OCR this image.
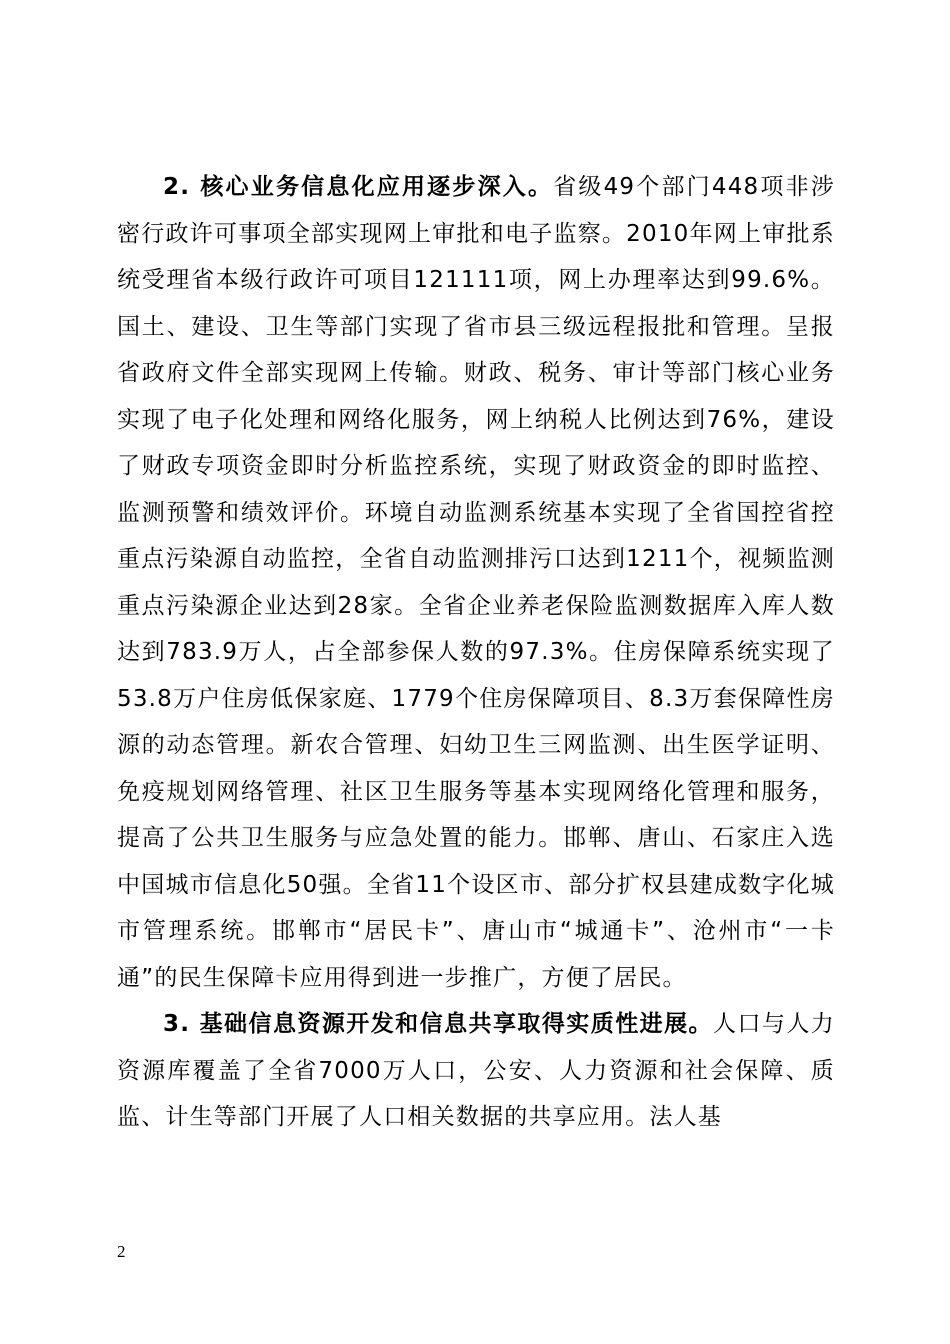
2. 核心业务信息化应用逐步深入。省级49个部门448项非涉密行政许可事项全部实现网上审批和电子监察。2010年网上审批系统受理省本级行政许可项目121111项，网上办理率达到99.6%。国土、建设、卫生等部门实现了省市县三级远程报批和管理。呈报省政府文件全部实现网上传输。财政、税务、审计等部门核心业务实现了电子化处理和网络化服务，网上纳税人比例达到76%，建设了财政专项资金即时分析监控系统，实现了财政资金的即时监控、监测预警和绩效评价。环境自动监测系统基本实现了全省国控省控重点污染源自动监控，全省自动监测排污口达到1211个，视频监测重点污染源企业达到28家。全省企业养老保险监测数据库入库人数达到783.9万人，占全部参保人数的97.3%。住房保障系统实现了53.8万户住房低保家庭、1779个住房保障项目、8.3万套保障性房源的动态管理。新农合管理、妇幼卫生三网监测、出生医学证明、免疫规划网络管理、社区卫生服务等基本实现网络化管理和服务，提高了公共卫生服务与应急处置的能力。邯郸、唐山、石家庄入选中国城市信息化50强。全省11个设区市、部分扩权县建成数字化城市管理系统。邯郸市“居民卡”、唐山市“城通卡”、沧州市“一卡通”的民生保障卡应用得到进一步推广，方便了居民。

3. 基础信息资源开发和信息共享取得实质性进展。人口与人力资源库覆盖了全省7000万人口，公安、人力资源和社会保障、质监、计生等部门开展了人口相关数据的共享应用。法人基

2
